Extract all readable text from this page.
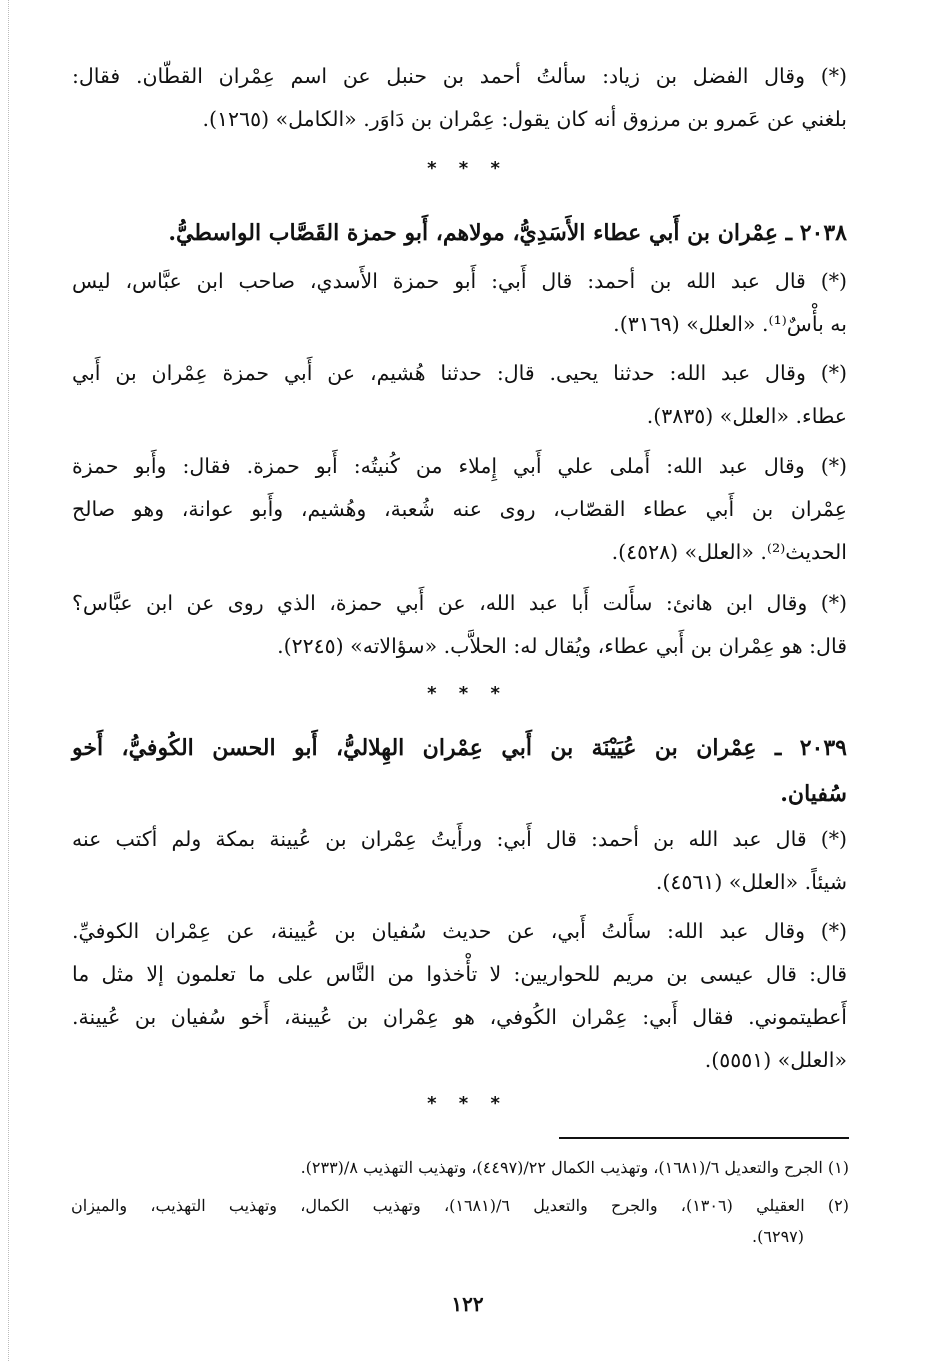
(*) وقال الفضل بن زياد: سألتُ أحمد بن حنبل عن اسم عِمْران القطّان. فقال:
بلغني عن عَمرو بن مرزوق أنه كان يقول: عِمْران بن دَاوَر. «الكامل» (١٢٦٥).

* * *
٢٠٣٨ ـ عِمْران بن أَبي عطاء الأَسَدِيُّ، مولاهم، أَبو حمزة القَصَّاب الواسطيُّ.

(*) قال عبد الله بن أحمد: قال أَبي: أَبو حمزة الأَسدي، صاحب ابن عبَّاس، ليس
به بأْسٌ⁽¹⁾. «العلل» (٣١٦٩).

(*) وقال عبد الله: حدثنا يحيى. قال: حدثنا هُشيم، عن أَبي حمزة عِمْران بن أَبي
عطاء. «العلل» (٣٨٣٥).

(*) وقال عبد الله: أَملى علي أَبي إِملاء من كُنيتُه: أَبو حمزة. فقال: وأَبو حمزة
عِمْران بن أَبي عطاء القصّاب، روى عنه شُعبة، وهُشيم، وأَبو عوانة، وهو صالح
الحديث⁽²⁾. «العلل» (٤٥٢٨).

(*) وقال ابن هانئ: سأَلت أَبا عبد الله، عن أَبي حمزة، الذي روى عن ابن عبَّاس؟
قال: هو عِمْران بن أَبي عطاء، ويُقال له: الحلاَّب. «سؤالاته» (٢٢٤٥).

* * *
٢٠٣٩ ـ عِمْران بن عُيَيْنَة بن أَبي عِمْران الهِلاليُّ، أَبو الحسن الكُوفيُّ، أَخو
سُفيان.

(*) قال عبد الله بن أحمد: قال أَبي: ورأَيتُ عِمْران بن عُيينة بمكة ولم أكتب عنه
شيئاً. «العلل» (٤٥٦١).

(*) وقال عبد الله: سأَلتُ أَبي، عن حديث سُفيان بن عُيينة، عن عِمْران الكوفيِّ.
قال: قال عيسى بن مريم للحواريين: لا تأْخذوا من النَّاس على ما تعلمون إلا مثل ما
أَعطيتموني. فقال أَبي: عِمْران الكُوفي، هو عِمْران بن عُيينة، أَخو سُفيان بن عُيينة.
«العلل» (٥٥٥١).

* * *
(١) الجرح والتعديل ٦/(١٦٨١)، وتهذيب الكمال ٢٢/(٤٤٩٧)، وتهذيب التهذيب ٨/(٢٣٣).
(٢) العقيلي (١٣٠٦)، والجرح والتعديل ٦/(١٦٨١)، وتهذيب الكمال، وتهذيب التهذيب، والميزان
(٦٢٩٧).
١٢٢
